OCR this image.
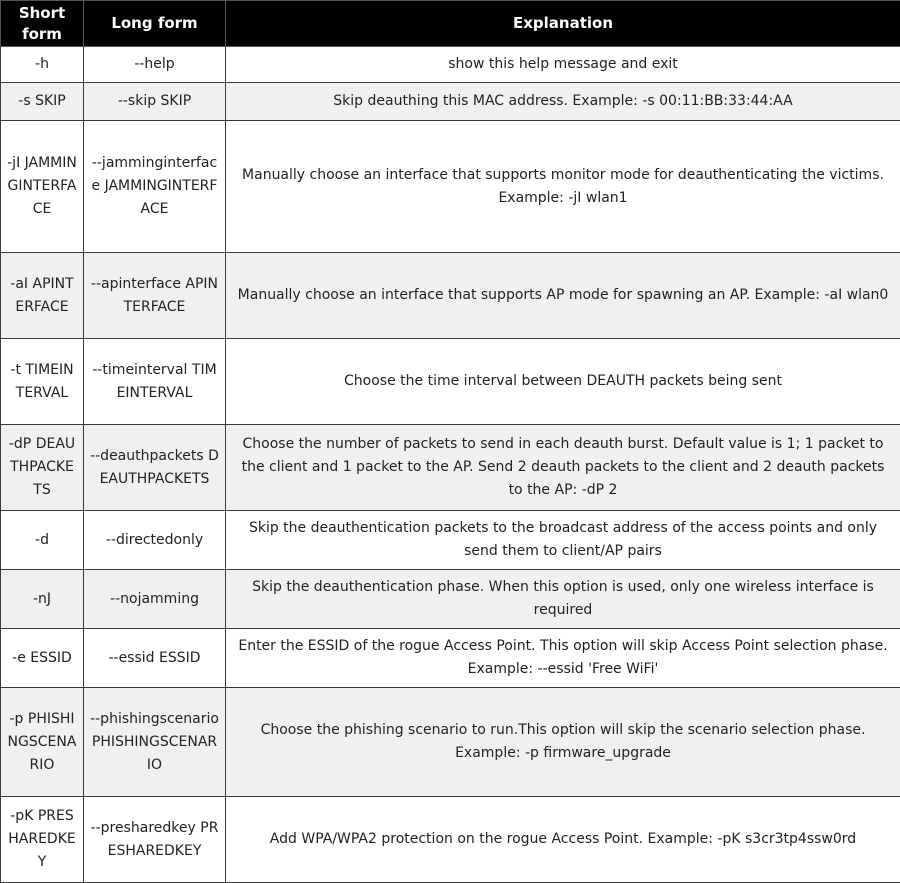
Short form	Long form	Explanation
-h	--help	show this help message and exit
-s SKIP	--skip SKIP	Skip deauthing this MAC address. Example: -s 00:11:BB:33:44:AA
-jI JAMMINGINTERFACE	--jamminginterface JAMMINGINTERFACE	Manually choose an interface that supports monitor mode for deauthenticating the victims. Example: -jI wlan1
-aI APINTERFACE	--apinterface APINTERFACE	Manually choose an interface that supports AP mode for spawning an AP. Example: -aI wlan0
-t TIMEINTERVAL	--timeinterval TIMEINTERVAL	Choose the time interval between DEAUTH packets being sent
-dP DEAUTHPACKETS	--deauthpackets DEAUTHPACKETS	Choose the number of packets to send in each deauth burst. Default value is 1; 1 packet to the client and 1 packet to the AP. Send 2 deauth packets to the client and 2 deauth packets to the AP: -dP 2
-d	--directedonly	Skip the deauthentication packets to the broadcast address of the access points and only send them to client/AP pairs
-nJ	--nojamming	Skip the deauthentication phase. When this option is used, only one wireless interface is required
-e ESSID	--essid ESSID	Enter the ESSID of the rogue Access Point. This option will skip Access Point selection phase. Example: --essid 'Free WiFi'
-p PHISHINGSCENARIO	--phishingscenario PHISHINGSCENARIO	Choose the phishing scenario to run.This option will skip the scenario selection phase. Example: -p firmware_upgrade
-pK PRESHAREDKEY	--presharedkey PRESHAREDKEY	Add WPA/WPA2 protection on the rogue Access Point. Example: -pK s3cr3tp4ssw0rd
